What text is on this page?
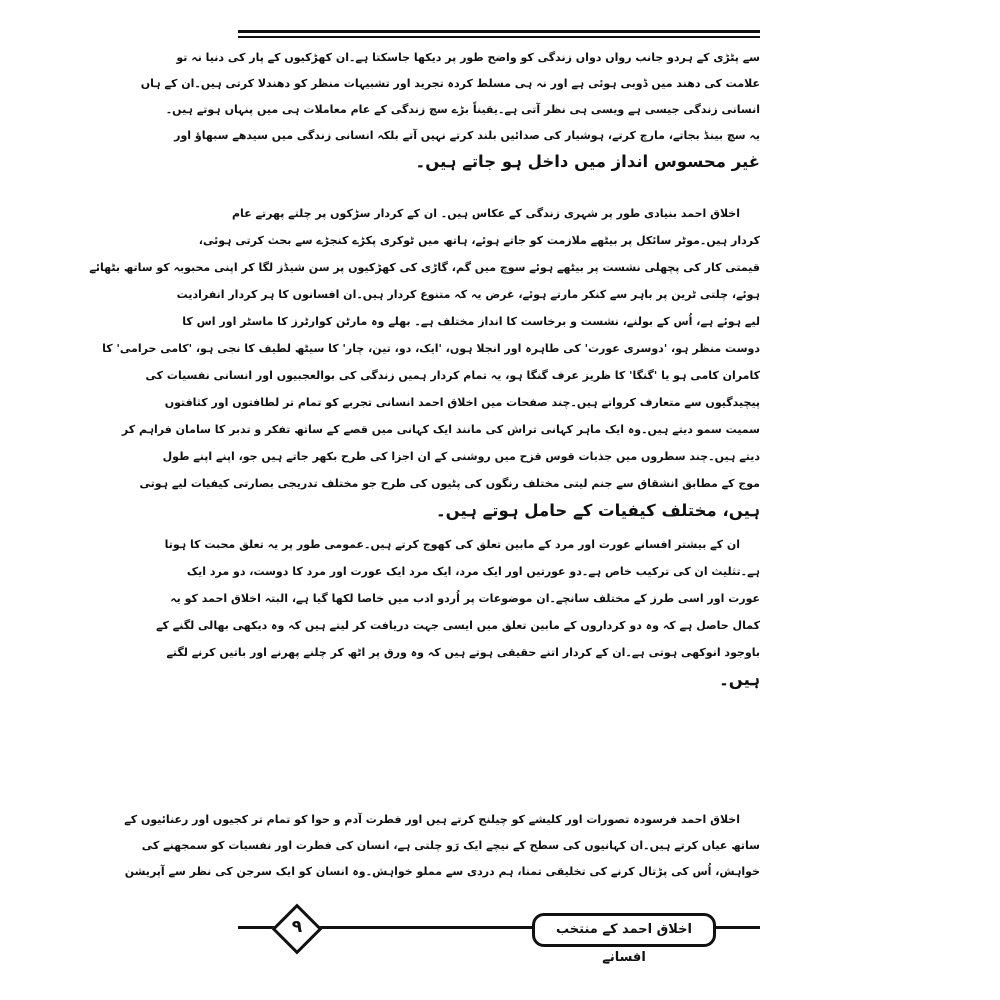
سے پٹڑی کے ہردو جانب رواں دواں زندگی کو واضح طور پر دیکھا جاسکتا ہے۔ان کھڑکیوں کے پار کی دنیا نہ تو
علامت کی دھند میں ڈوبی ہوئی ہے اور نہ ہی مسلط کردہ تجرید اور تشبیہات منظر کو دھندلا کرتی ہیں۔ان کے ہاں
انسانی زندگی جیسی ہے ویسی ہی نظر آتی ہے۔یقیناً بڑے سچ زندگی کے عام معاملات ہی میں پنہاں ہوتے ہیں۔
یہ سچ بینڈ بجاتے، مارچ کرتے، ہوشیار کی صدائیں بلند کرتے نہیں آتے بلکہ انسانی زندگی میں سیدھے سبھاؤ اور
غیر محسوس انداز میں داخل ہو جاتے ہیں۔
اخلاق احمد بنیادی طور پر شہری زندگی کے عکاس ہیں۔ ان کے کردار سڑکوں پر چلتے پھرتے عام
کردار ہیں۔موٹر سائکل پر بیٹھے ملازمت کو جاتے ہوئے، ہاتھ میں ٹوکری پکڑے کنجڑے سے بحث کرتی ہوئی،
قیمتی کار کی پچھلی نشست پر بیٹھے ہوئے سوچ میں گم، گاڑی کی کھڑکیوں پر سن شیڈز لگا کر اپنی محبوبہ کو ساتھ بٹھائے
ہوئے، چلتی ٹرین پر باہر سے کنکر مارتے ہوئے، غرض یہ کہ متنوع کردار ہیں۔ان افسانوں کا ہر کردار انفرادیت
لیے ہوئے ہے، اُس کے بولنے، نشست و برخاست کا انداز مختلف ہے۔ بھلے وہ مارٹن کوارٹرز کا ماسٹر اور اس کا
دوست منظر ہو، 'دوسری عورت' کی طاہرہ اور انجلا ہوں، 'ایک، دو، تین، چار' کا سیٹھ لطیف کا نجی ہو، 'کامی حرامی' کا
کامران کامی ہو یا 'گنگا' کا ظریز عرف گنگا ہو، یہ تمام کردار ہمیں زندگی کی بوالعجبیوں اور انسانی نفسیات کی
پیچیدگیوں سے متعارف کرواتے ہیں۔چند صفحات میں اخلاق احمد انسانی تجربے کو تمام تر لطافتوں اور کثافتوں
سمیت سمو دیتے ہیں۔وہ ایک ماہر کہانی تراش کی مانند ایک کہانی میں قصے کے ساتھ تفکر و تدبر کا سامان فراہم کر
دیتے ہیں۔چند سطروں میں جذبات قوس قزح میں روشنی کے ان اجزا کی طرح بکھر جاتے ہیں جو، اپنے اپنے طول
موج کے مطابق انشقاق سے جنم لیتی مختلف رنگوں کی پٹیوں کی طرح جو مختلف تدریجی بصارتی کیفیات لیے ہوتی
ہیں، مختلف کیفیات کے حامل ہوتے ہیں۔
ان کے بیشتر افسانے عورت اور مرد کے مابین تعلق کی کھوج کرتے ہیں۔عمومی طور پر یہ تعلق محبت کا ہوتا
ہے۔تثلیث ان کی ترکیب خاص ہے۔دو عورتیں اور ایک مرد، ایک مرد ایک عورت اور مرد کا دوست، دو مرد ایک
عورت اور اسی طرز کے مختلف سانچے۔ان موضوعات پر اُردو ادب میں خاصا لکھا گیا ہے، البتہ اخلاق احمد کو یہ
کمال حاصل ہے کہ وہ دو کرداروں کے مابین تعلق میں ایسی جہت دریافت کر لیتے ہیں کہ وہ دیکھی بھالی لگنے کے
باوجود انوکھی ہوتی ہے۔ان کے کردار اتنے حقیقی ہوتے ہیں کہ وہ ورق پر اٹھ کر چلنے پھرنے اور باتیں کرنے لگتے
ہیں۔
اخلاق احمد فرسودہ تصورات اور کلیشے کو چیلنج کرتے ہیں اور فطرت آدم و حوا کو تمام تر کجیوں اور رعنائیوں کے
ساتھ عیاں کرتے ہیں۔ان کہانیوں کی سطح کے نیچے ایک رَو چلتی ہے، انسان کی فطرت اور نفسیات کو سمجھنے کی
خواہش، اُس کی پڑتال کرنے کی تخلیقی تمنا، ہم دردی سے مملو خواہش۔وہ انسان کو ایک سرجن کی نظر سے آپریشن
۹	اخلاق احمد کے منتخب افسانے
